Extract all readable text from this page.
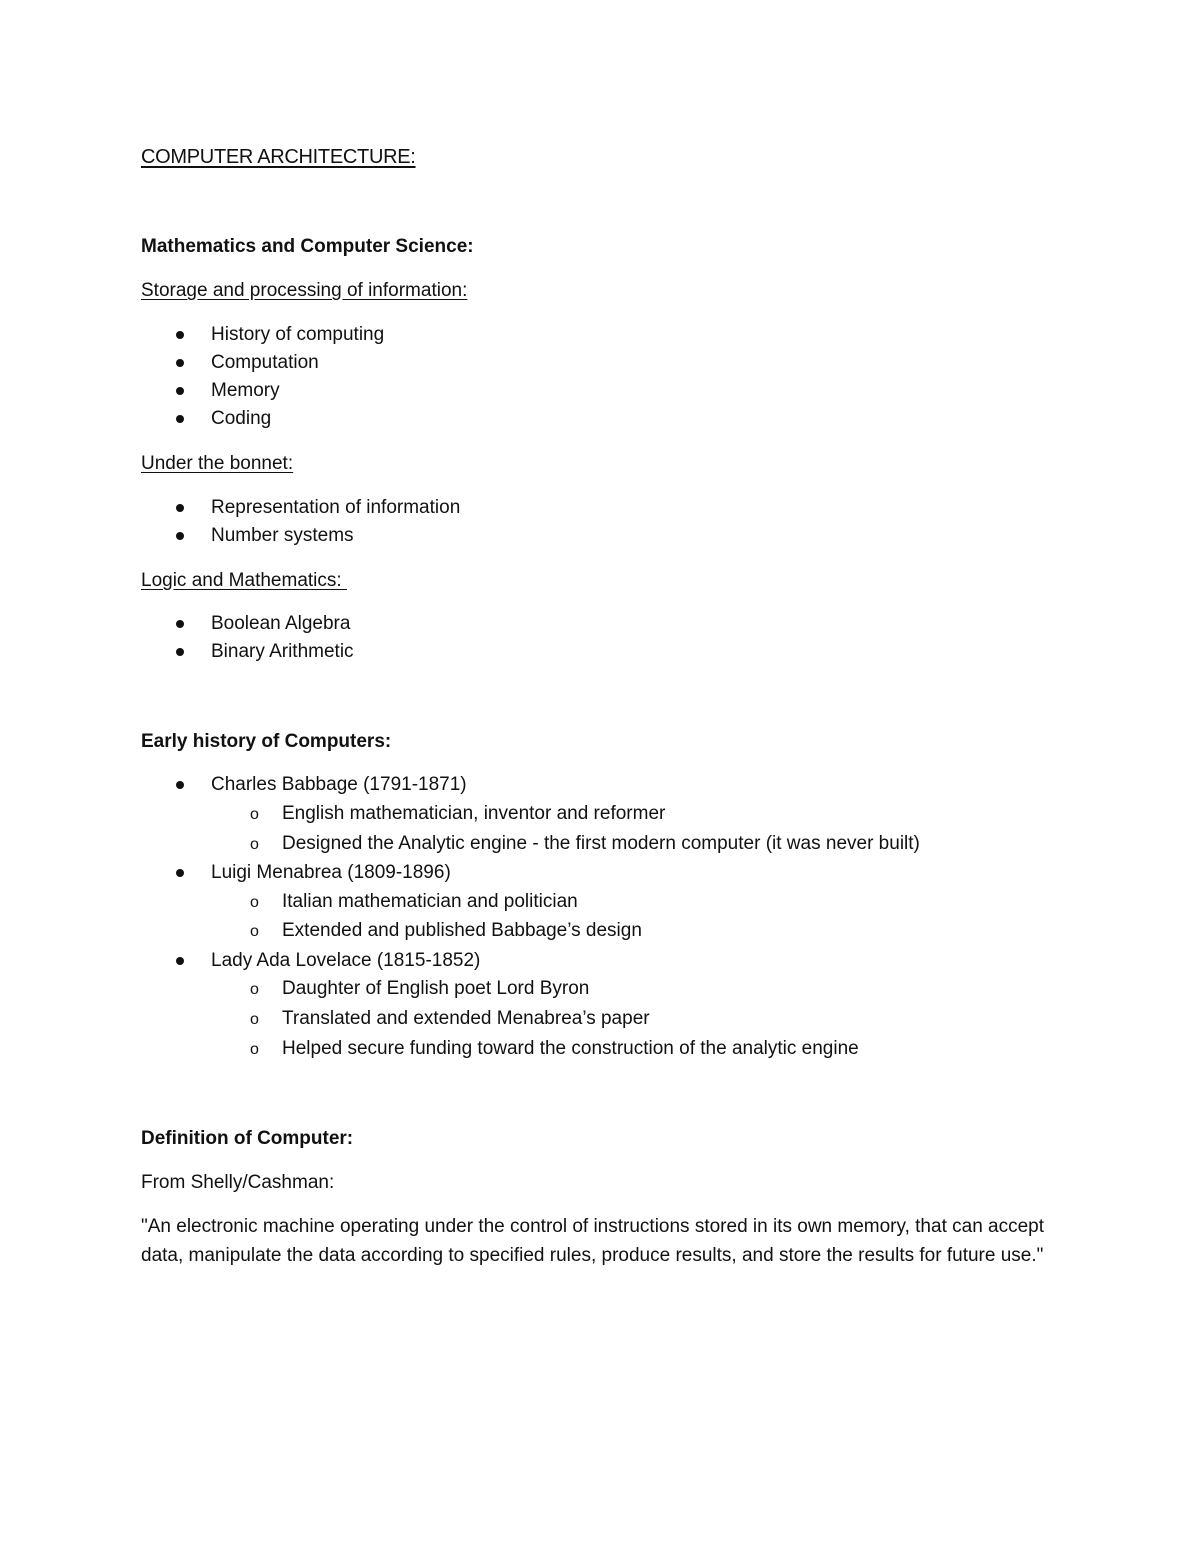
COMPUTER ARCHITECTURE:
Mathematics and Computer Science:
Storage and processing of information:
History of computing
Computation
Memory
Coding
Under the bonnet:
Representation of information
Number systems
Logic and Mathematics:
Boolean Algebra
Binary Arithmetic
Early history of Computers:
Charles Babbage (1791-1871)
o English mathematician, inventor and reformer
o Designed the Analytic engine - the first modern computer (it was never built)
Luigi Menabrea (1809-1896)
o Italian mathematician and politician
o Extended and published Babbage’s design
Lady Ada Lovelace (1815-1852)
o Daughter of English poet Lord Byron
o Translated and extended Menabrea’s paper
o Helped secure funding toward the construction of the analytic engine
Definition of Computer:
From Shelly/Cashman:

"An electronic machine operating under the control of instructions stored in its own memory, that can accept data, manipulate the data according to specified rules, produce results, and store the results for future use."
